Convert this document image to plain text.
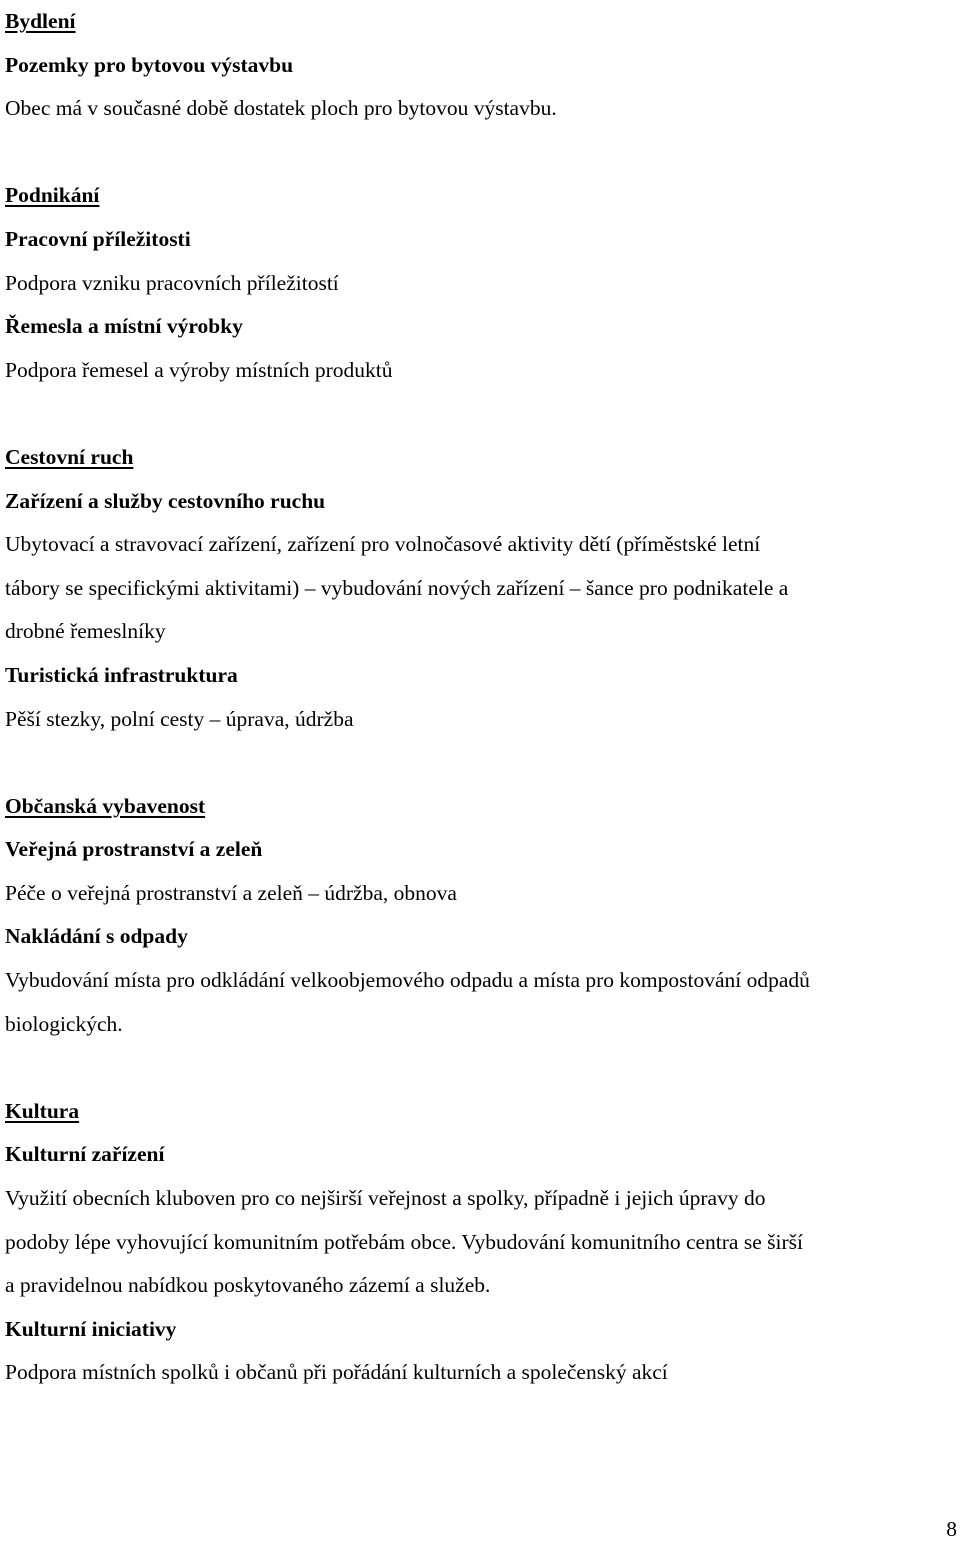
Bydlení

Pozemky pro bytovou výstavbu

Obec má v současné době dostatek ploch pro bytovou výstavbu.

Podnikání

Pracovní příležitosti

Podpora vzniku pracovních příležitostí

Řemesla a místní výrobky

Podpora řemesel a výroby místních produktů

Cestovní ruch

Zařízení a služby cestovního ruchu

Ubytovací a stravovací zařízení, zařízení pro volnočasové aktivity dětí (příměstské letní

tábory se specifickými aktivitami) – vybudování nových zařízení – šance pro podnikatele a

drobné řemeslníky

Turistická infrastruktura

Pěší stezky, polní cesty – úprava, údržba

Občanská vybavenost

Veřejná prostranství a zeleň

Péče o veřejná prostranství a zeleň – údržba, obnova

Nakládání s odpady

Vybudování místa pro odkládání velkoobjemového odpadu a místa pro kompostování odpadů

biologických.

Kultura

Kulturní zařízení

Využití obecních kluboven pro co nejširší veřejnost a spolky, případně i jejich úpravy do

podoby lépe vyhovující komunitním potřebám obce. Vybudování komunitního centra se širší

a pravidelnou nabídkou poskytovaného zázemí a služeb.

Kulturní iniciativy

Podpora místních spolků i občanů při pořádání kulturních a společenský akcí

8
